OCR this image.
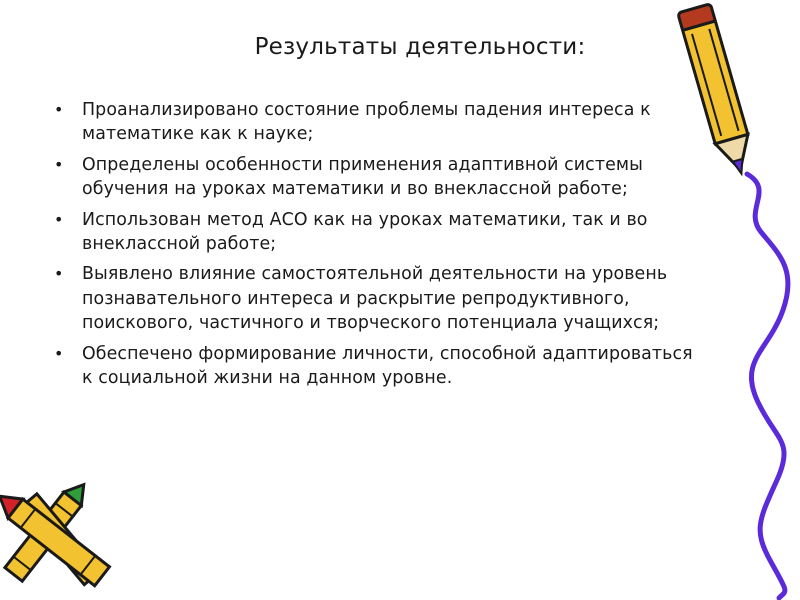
Результаты деятельности:
• Проанализировано состояние проблемы падения интереса к математике как к науке;
• Определены особенности применения адаптивной системы обучения на уроках математики и во внеклассной работе;
• Использован метод АСО как на уроках математики, так и во внеклассной работе;
• Выявлено влияние самостоятельной деятельности на уровень познавательного интереса и раскрытие репродуктивного, поискового, частичного и творческого потенциала учащихся;
• Обеспечено формирование личности, способной адаптироваться к социальной жизни на данном уровне.
